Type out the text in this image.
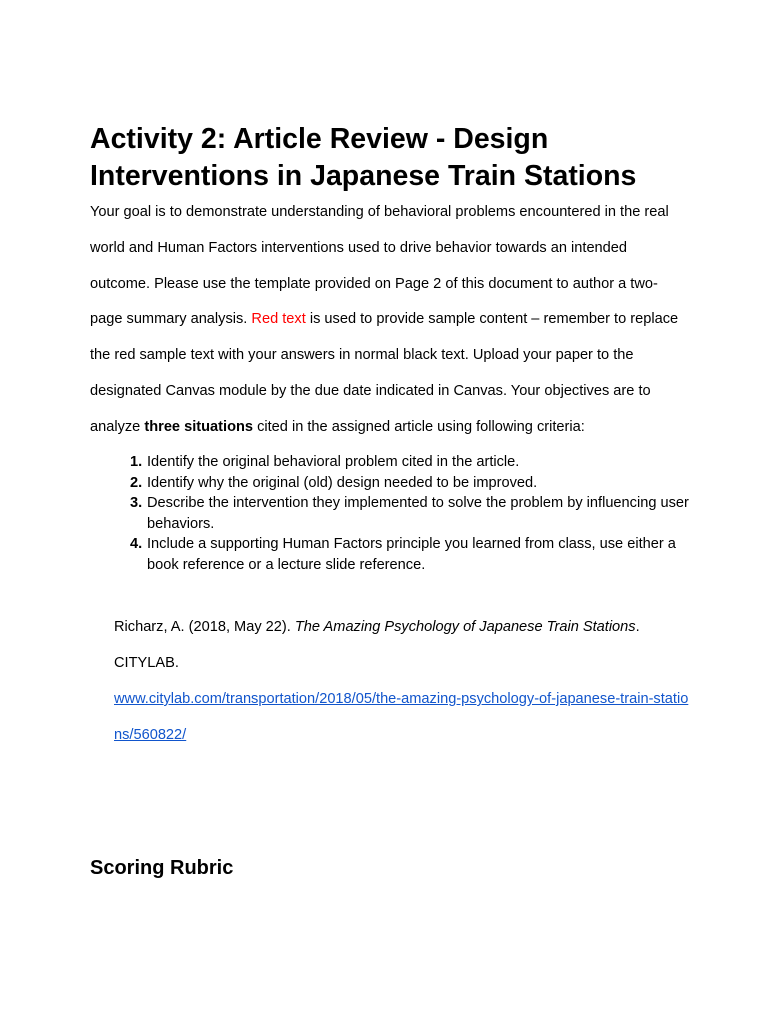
Activity 2: Article Review - Design Interventions in Japanese Train Stations

Your goal is to demonstrate understanding of behavioral problems encountered in the real world and Human Factors interventions used to drive behavior towards an intended outcome. Please use the template provided on Page 2 of this document to author a two-page summary analysis. Red text is used to provide sample content – remember to replace the red sample text with your answers in normal black text. Upload your paper to the designated Canvas module by the due date indicated in Canvas. Your objectives are to analyze three situations cited in the assigned article using following criteria:

1. Identify the original behavioral problem cited in the article.
2. Identify why the original (old) design needed to be improved.
3. Describe the intervention they implemented to solve the problem by influencing user behaviors.
4. Include a supporting Human Factors principle you learned from class, use either a book reference or a lecture slide reference.
Richarz, A. (2018, May 22). The Amazing Psychology of Japanese Train Stations.
CITYLAB.
www.citylab.com/transportation/2018/05/the-amazing-psychology-of-japanese-train-stations/560822/
Scoring Rubric
